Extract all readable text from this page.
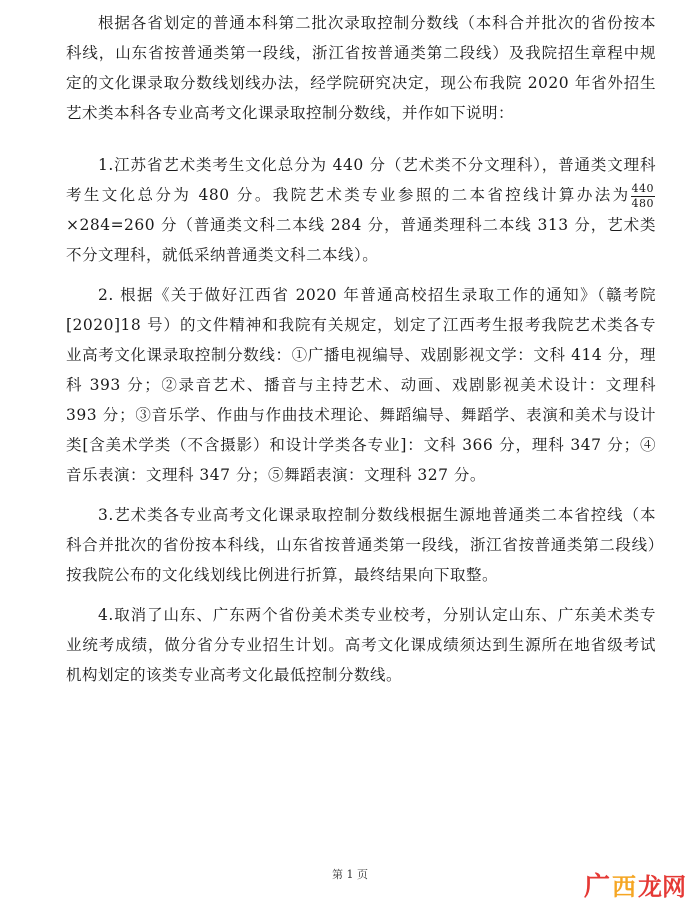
根据各省划定的普通本科第二批次录取控制分数线（本科合并批次的省份按本科线，山东省按普通类第一段线，浙江省按普通类第二段线）及我院招生章程中规定的文化课录取分数线划线办法，经学院研究决定，现公布我院 2020 年省外招生艺术类本科各专业高考文化课录取控制分数线，并作如下说明：

1.江苏省艺术类考生文化总分为 440 分（艺术类不分文理科），普通类文理科考生文化总分为 480 分。我院艺术类专业参照的二本省控线计算办法为 $\frac{440}{480}$
×284=260 分（普通类文科二本线 284 分，普通类理科二本线 313 分，艺术类不分文理科，就低采纳普通类文科二本线）。

2. 根据《关于做好江西省 2020 年普通高校招生录取工作的通知》（赣考院[2020]18 号）的文件精神和我院有关规定，划定了江西考生报考我院艺术类各专业高考文化课录取控制分数线：①广播电视编导、戏剧影视文学：文科 414 分，理科 393 分；②录音艺术、播音与主持艺术、动画、戏剧影视美术设计：文理科 393 分；③音乐学、作曲与作曲技术理论、舞蹈编导、舞蹈学、表演和美术与设计类[含美术学类（不含摄影）和设计学类各专业]：文科 366 分，理科 347 分；④音乐表演：文理科 347 分；⑤舞蹈表演：文理科 327 分。

3.艺术类各专业高考文化课录取控制分数线根据生源地普通类二本省控线（本科合并批次的省份按本科线，山东省按普通类第一段线，浙江省按普通类第二段线）按我院公布的文化线划线比例进行折算，最终结果向下取整。

4.取消了山东、广东两个省份美术类专业校考，分别认定山东、广东美术类专业统考成绩，做分省分专业招生计划。高考文化课成绩须达到生源所在地省级考试机构划定的该类专业高考文化最低控制分数线。

第 1 页	广 西 龙网
